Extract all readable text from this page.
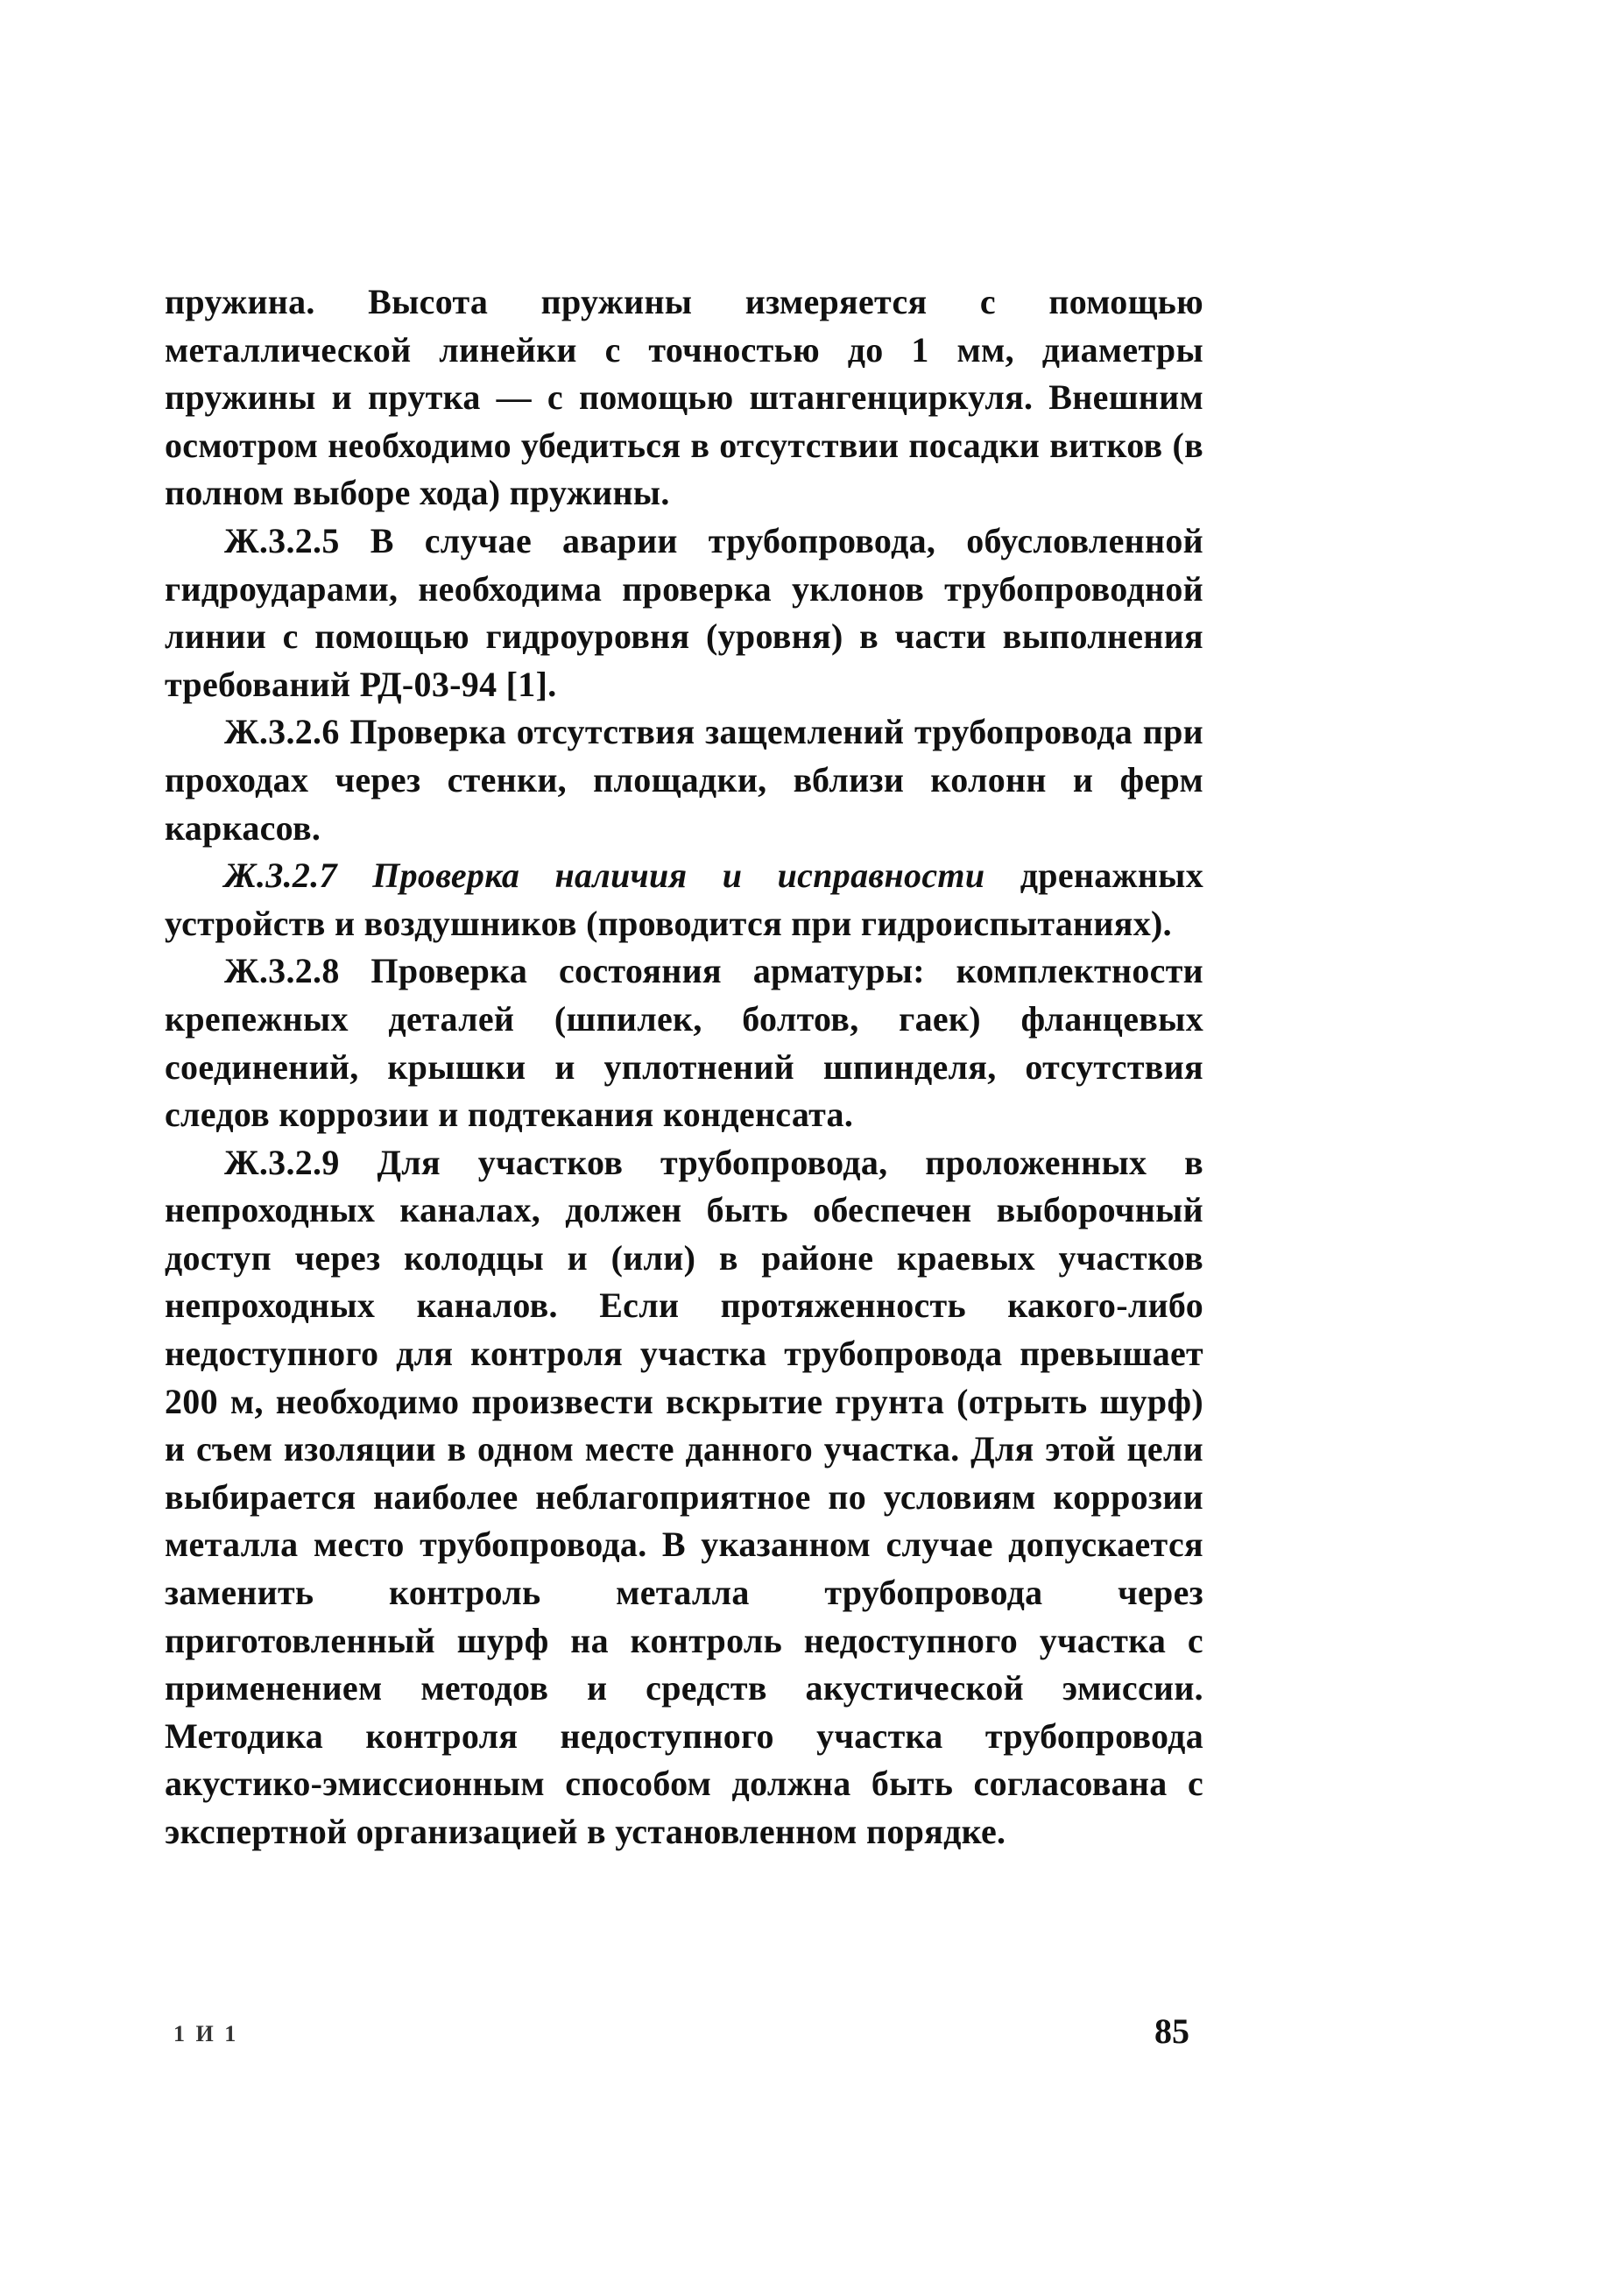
пружина. Высота пружины измеряется с помощью металлической линейки с точностью до 1 мм, диаметры пружины и прутка — с помощью штангенциркуля. Внешним осмотром необходимо убедиться в отсутствии посадки витков (в полном выборе хода) пружины.

Ж.3.2.5 В случае аварии трубопровода, обусловленной гидроударами, необходима проверка уклонов трубопроводной линии с помощью гидроуровня (уровня) в части выполнения требований РД-03-94 [1].

Ж.3.2.6 Проверка отсутствия защемлений трубопровода при проходах через стенки, площадки, вблизи колонн и ферм каркасов.

Ж.3.2.7 Проверка наличия и исправности дренажных устройств и воздушников (проводится при гидроиспытаниях).

Ж.3.2.8 Проверка состояния арматуры: комплектности крепежных деталей (шпилек, болтов, гаек) фланцевых соединений, крышки и уплотнений шпинделя, отсутствия следов коррозии и подтекания конденсата.

Ж.3.2.9 Для участков трубопровода, проложенных в непроходных каналах, должен быть обеспечен выборочный доступ через колодцы и (или) в районе краевых участков непроходных каналов. Если протяженность какого-либо недоступного для контроля участка трубопровода превышает 200 м, необходимо произвести вскрытие грунта (отрыть шурф) и съем изоляции в одном месте данного участка. Для этой цели выбирается наиболее неблагоприятное по условиям коррозии металла место трубопровода. В указанном случае допускается заменить контроль металла трубопровода через приготовленный шурф на контроль недоступного участка с применением методов и средств акустической эмиссии. Методика контроля недоступного участка трубопровода акустико-эмиссионным способом должна быть согласована с экспертной организацией в установленном порядке.

1 И 1	85
